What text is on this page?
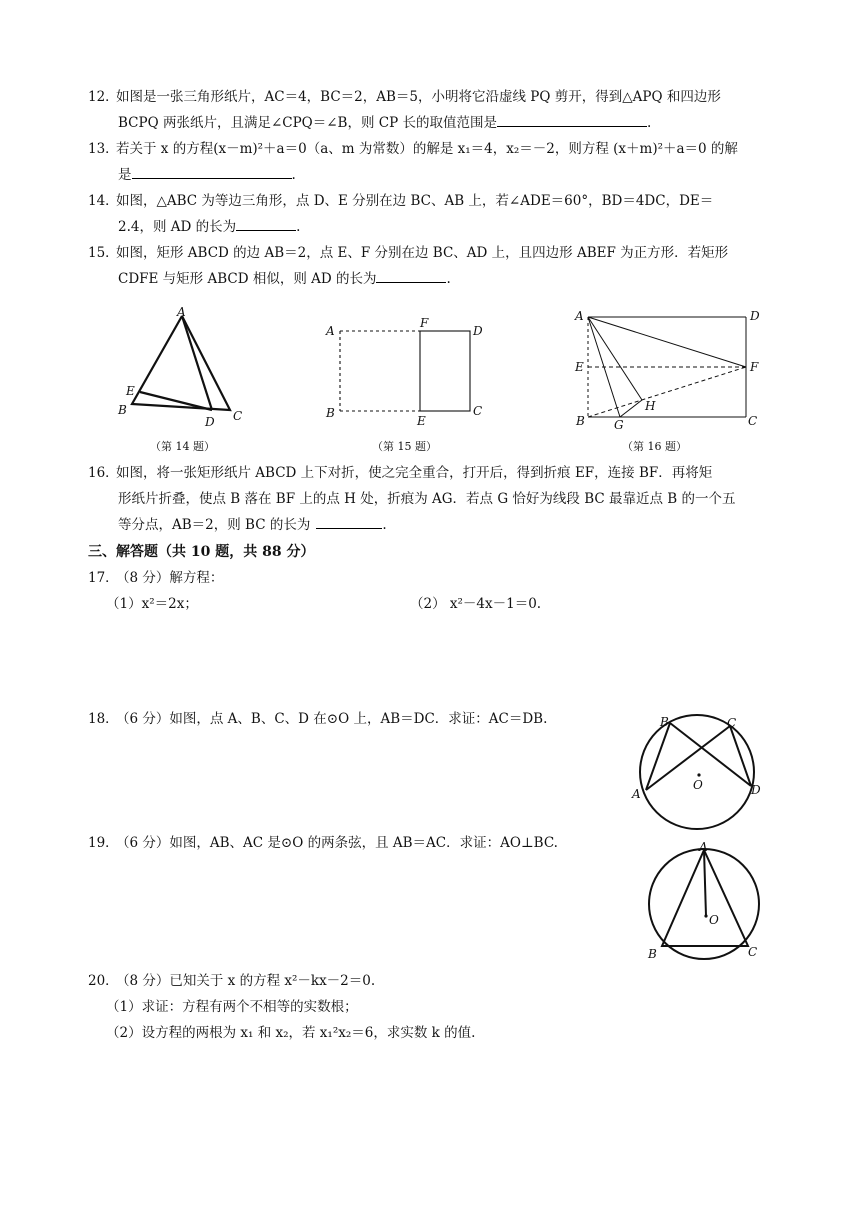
12．如图是一张三角形纸片，AC＝4，BC＝2，AB＝5，小明将它沿虚线 PQ 剪开，得到△APQ 和四边形
BCPQ 两张纸片，且满足∠CPQ＝∠B，则 CP 长的取值范围是	.
13．若关于 x 的方程(x－m)²＋a＝0（a、m 为常数）的解是 x₁＝4，x₂＝－2，则方程 (x＋m)²＋a＝0 的解
是	.
14．如图，△ABC 为等边三角形，点 D、E 分别在边 BC、AB 上，若∠ADE＝60°，BD＝4DC，DE＝
2.4，则 AD 的长为	.
15．如图，矩形 ABCD 的边 AB＝2，点 E、F 分别在边 BC、AD 上，且四边形 ABEF 为正方形．若矩形
CDFE 与矩形 ABCD 相似，则 AD 的长为	.
A
E
B
D C
（第 14 题）
A
F
D
B
E
C
（第 15 题）
A	D
E	F
H
B G	C
（第 16 题）
16．如图，将一张矩形纸片 ABCD 上下对折，使之完全重合，打开后，得到折痕 EF，连接 BF．再将矩
形纸片折叠，使点 B 落在 BF 上的点 H 处，折痕为 AG．若点 G 恰好为线段 BC 最靠近点 B 的一个五
等分点，AB＝2，则 BC 的长为	.
三、解答题（共 10 题，共 88 分）
17．（8 分）解方程：
（1）x²＝2x；	（2） x²－4x－1＝0.
18．（6 分）如图，点 A、B、C、D 在⊙O 上，AB＝DC．求证：AC＝DB.	B	C
A	D
O
19．（6 分）如图，AB、AC 是⊙O 的两条弦，且 AB＝AC．求证：AO⊥BC.	A
O
B	C
20．（8 分）已知关于 x 的方程 x²－kx－2＝0.
（1）求证：方程有两个不相等的实数根；
（2）设方程的两根为 x₁ 和 x₂，若 x₁²x₂＝6，求实数 k 的值.
